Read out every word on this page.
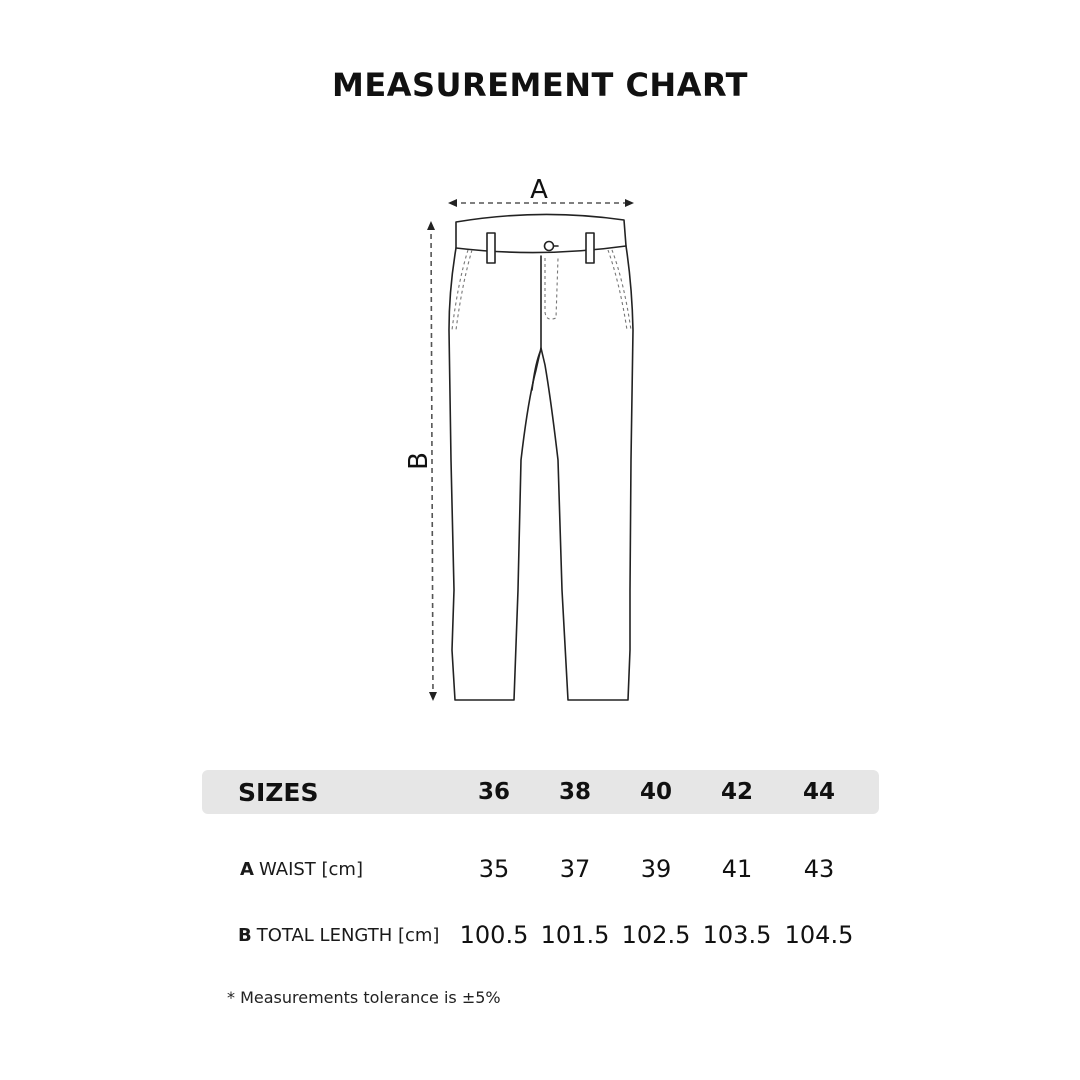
MEASUREMENT CHART
A
B
SIZES	36	38	40	42	44
A WAIST [cm]	35	37	39	41	43
B TOTAL LENGTH [cm] 100.5 101.5 102.5 103.5 104.5
* Measurements tolerance is ±5%
